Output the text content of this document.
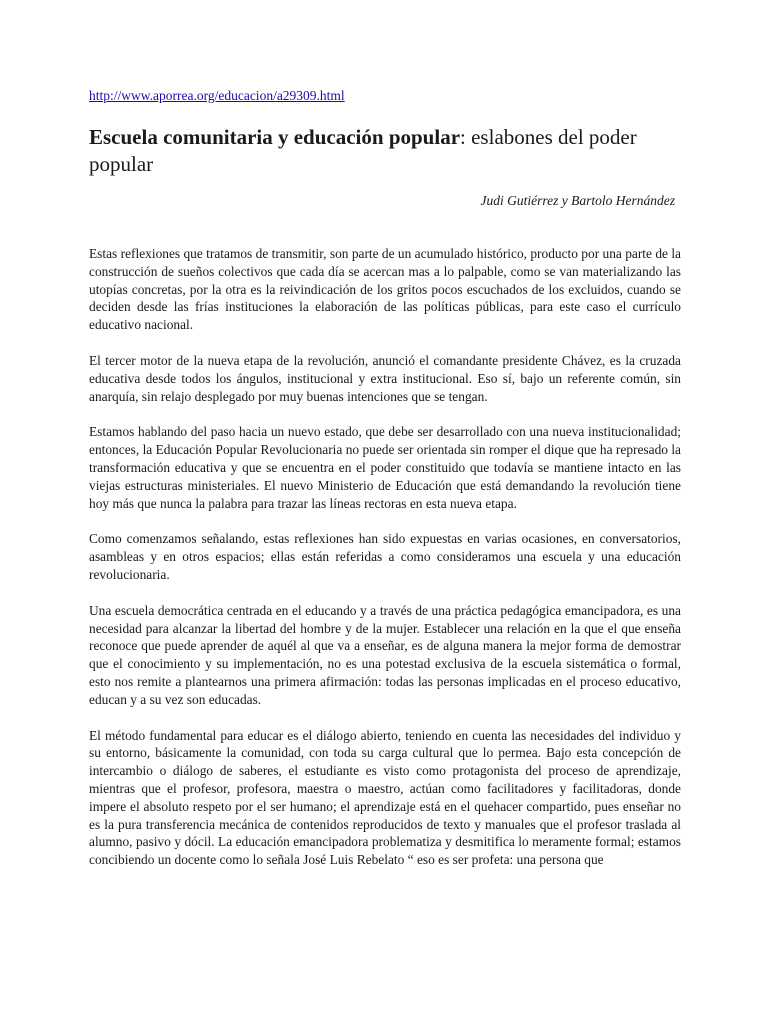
http://www.aporrea.org/educacion/a29309.html
Escuela comunitaria y educación popular: eslabones del poder popular
Judi Gutiérrez y Bartolo Hernández

Estas reflexiones que tratamos de transmitir, son parte de un acumulado histórico, producto por una parte de la construcción de sueños colectivos que cada día se acercan mas a lo palpable, como se van materializando las utopías concretas, por la otra es la reivindicación de los gritos pocos escuchados de los excluidos, cuando se deciden desde las frías instituciones la elaboración de las políticas públicas, para este caso el currículo educativo nacional.

El tercer motor de la nueva etapa de la revolución, anunció el comandante presidente Chávez, es la cruzada educativa desde todos los ángulos, institucional y extra institucional. Eso sí, bajo un referente común, sin anarquía, sin relajo desplegado por muy buenas intenciones que se tengan.

Estamos hablando del paso hacia un nuevo estado, que debe ser desarrollado con una nueva institucionalidad; entonces, la Educación Popular Revolucionaria no puede ser orientada sin romper el dique que ha represado la transformación educativa y que se encuentra en el poder constituido que todavía se mantiene intacto en las viejas estructuras ministeriales. El nuevo Ministerio de Educación que está demandando la revolución tiene hoy más que nunca la palabra para trazar las líneas rectoras en esta nueva etapa.

Como comenzamos señalando, estas reflexiones han sido expuestas en varias ocasiones, en conversatorios, asambleas y en otros espacios; ellas están referidas a como consideramos una escuela y una educación revolucionaria.

Una escuela democrática centrada en el educando y a través de una práctica pedagógica emancipadora, es una necesidad para alcanzar la libertad del hombre y de la mujer. Establecer una relación en la que el que enseña reconoce que puede aprender de aquél al que va a enseñar, es de alguna manera la mejor forma de demostrar que el conocimiento y su implementación, no es una potestad exclusiva de la escuela sistemática o formal, esto nos remite a plantearnos una primera afirmación: todas las personas implicadas en el proceso educativo, educan y a su vez son educadas.

El método fundamental para educar es el diálogo abierto, teniendo en cuenta las necesidades del individuo y su entorno, básicamente la comunidad, con toda su carga cultural que lo permea. Bajo esta concepción de intercambio o diálogo de saberes, el estudiante es visto como protagonista del proceso de aprendizaje, mientras que el profesor, profesora, maestra o maestro, actúan como facilitadores y facilitadoras, donde impere el absoluto respeto por el ser humano; el aprendizaje está en el quehacer compartido, pues enseñar no es la pura transferencia mecánica de contenidos reproducidos de texto y manuales que el profesor traslada al alumno, pasivo y dócil. La educación emancipadora problematiza y desmitifica lo meramente formal; estamos concibiendo un docente como lo señala José Luis Rebelato “ eso es ser profeta: una persona que
